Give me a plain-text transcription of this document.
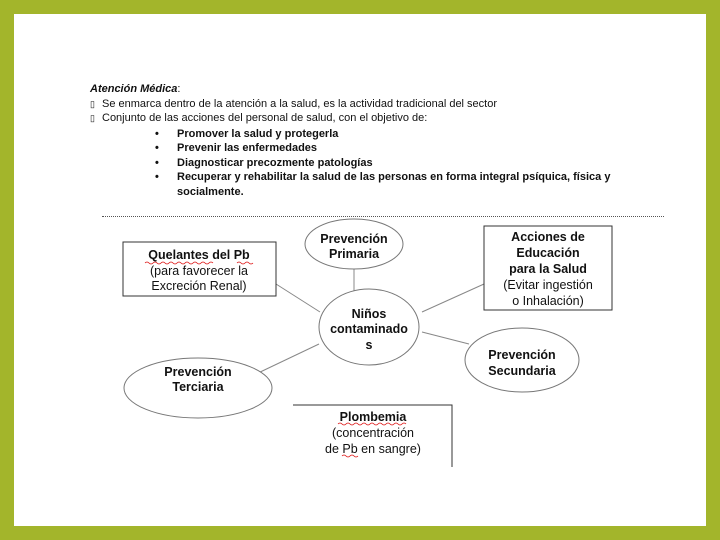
Atención Médica:
▯ Se enmarca dentro de la atención a la salud, es la actividad tradicional del sector
▯ Conjunto de las acciones del personal de salud, con el objetivo de:
• Promover la salud y protegerla
• Prevenir las enfermedades
• Diagnosticar precozmente patologías
• Recuperar y rehabilitar la salud de las personas en forma integral psíquica, física y
socialmente.
Prevención
Primaria
Niños
contaminado
s
Prevención
Secundaria
Prevención
Terciaria
Quelantes del Pb
(para favorecer la
Excreción Renal)
Acciones de
Educación
para la Salud
(Evitar ingestión
o Inhalación)
Plombemia
(concentración
de Pb en sangre)
